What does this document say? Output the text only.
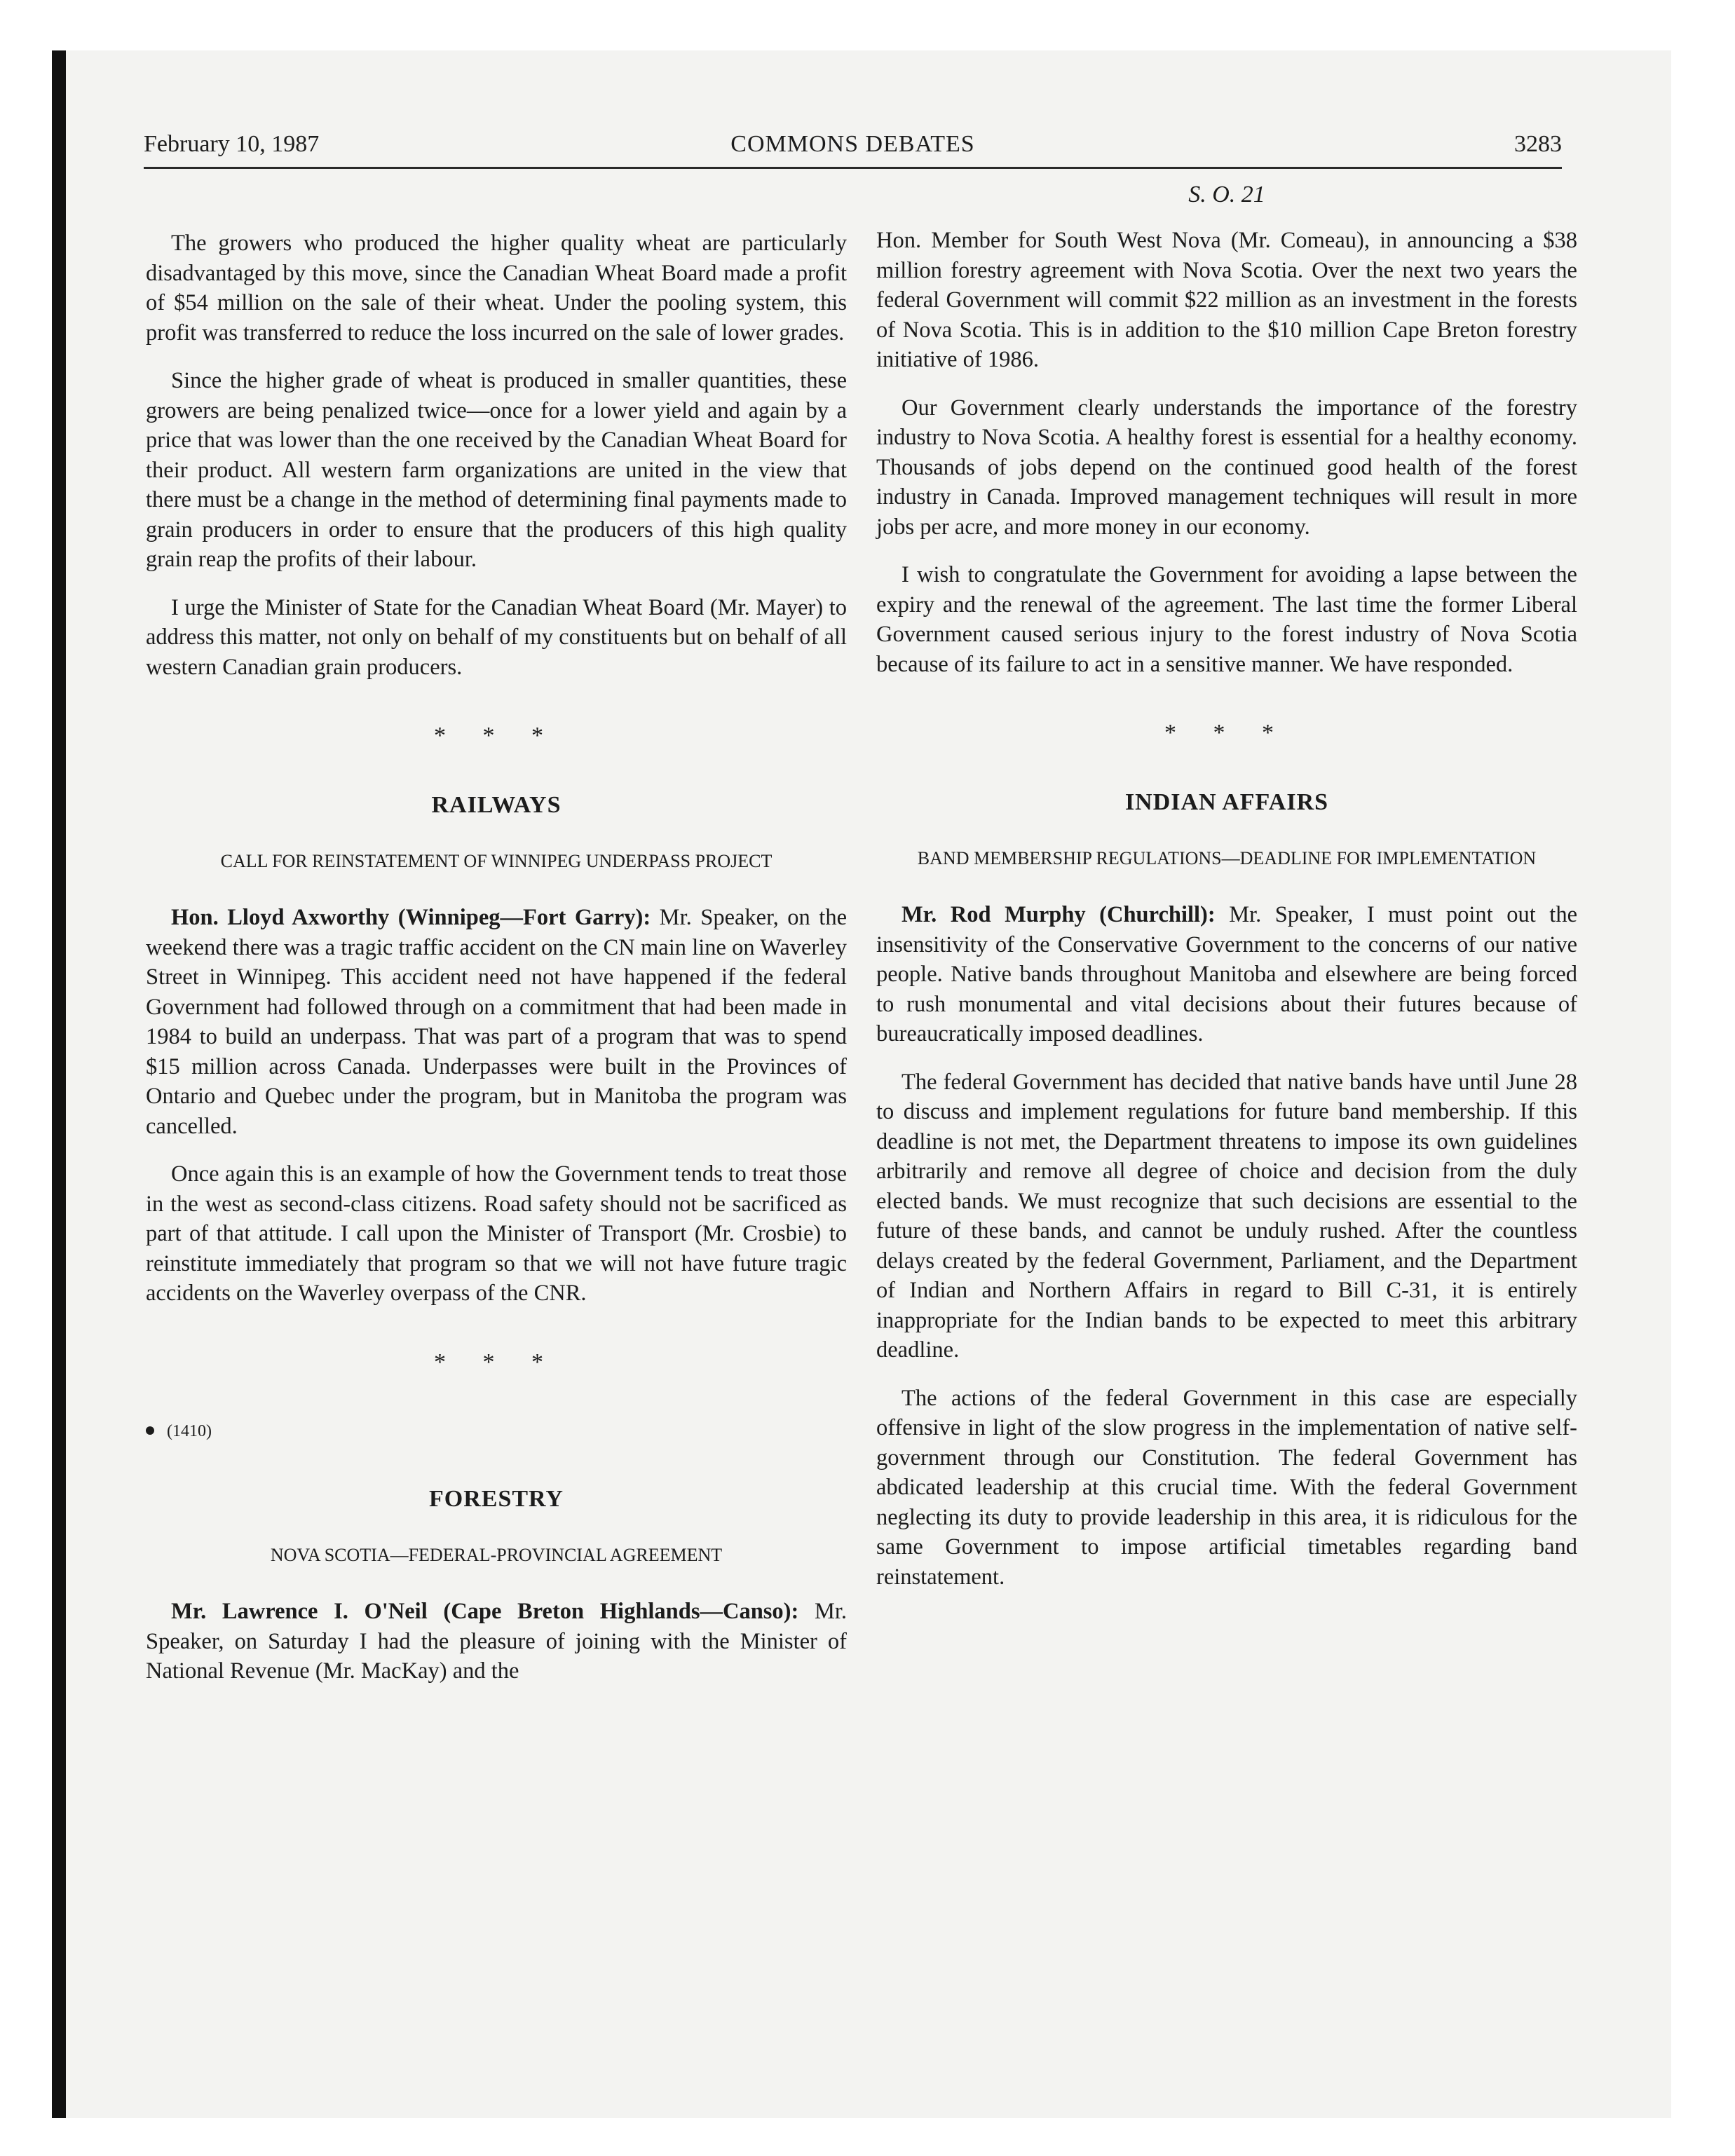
February 10, 1987	COMMONS DEBATES	3283
S. O. 21

The growers who produced the higher quality wheat are particularly disadvantaged by this move, since the Canadian Wheat Board made a profit of $54 million on the sale of their wheat. Under the pooling system, this profit was transferred to reduce the loss incurred on the sale of lower grades.

Since the higher grade of wheat is produced in smaller quantities, these growers are being penalized twice—once for a lower yield and again by a price that was lower than the one received by the Canadian Wheat Board for their product. All western farm organizations are united in the view that there must be a change in the method of determining final payments made to grain producers in order to ensure that the producers of this high quality grain reap the profits of their labour.

I urge the Minister of State for the Canadian Wheat Board (Mr. Mayer) to address this matter, not only on behalf of my constituents but on behalf of all western Canadian grain producers.

* * *
RAILWAYS
CALL FOR REINSTATEMENT OF WINNIPEG UNDERPASS PROJECT

Hon. Lloyd Axworthy (Winnipeg—Fort Garry): Mr. Speaker, on the weekend there was a tragic traffic accident on the CN main line on Waverley Street in Winnipeg. This accident need not have happened if the federal Government had followed through on a commitment that had been made in 1984 to build an underpass. That was part of a program that was to spend $15 million across Canada. Underpasses were built in the Provinces of Ontario and Quebec under the program, but in Manitoba the program was cancelled.

Once again this is an example of how the Government tends to treat those in the west as second-class citizens. Road safety should not be sacrificed as part of that attitude. I call upon the Minister of Transport (Mr. Crosbie) to reinstitute immediately that program so that we will not have future tragic accidents on the Waverley overpass of the CNR.

* * *
(1410)
FORESTRY
NOVA SCOTIA—FEDERAL-PROVINCIAL AGREEMENT

Mr. Lawrence I. O'Neil (Cape Breton Highlands—Canso): Mr. Speaker, on Saturday I had the pleasure of joining with the Minister of National Revenue (Mr. MacKay) and the

Hon. Member for South West Nova (Mr. Comeau), in announcing a $38 million forestry agreement with Nova Scotia. Over the next two years the federal Government will commit $22 million as an investment in the forests of Nova Scotia. This is in addition to the $10 million Cape Breton forestry initiative of 1986.

Our Government clearly understands the importance of the forestry industry to Nova Scotia. A healthy forest is essential for a healthy economy. Thousands of jobs depend on the continued good health of the forest industry in Canada. Improved management techniques will result in more jobs per acre, and more money in our economy.

I wish to congratulate the Government for avoiding a lapse between the expiry and the renewal of the agreement. The last time the former Liberal Government caused serious injury to the forest industry of Nova Scotia because of its failure to act in a sensitive manner. We have responded.

* * *
INDIAN AFFAIRS
BAND MEMBERSHIP REGULATIONS—DEADLINE FOR IMPLEMENTATION

Mr. Rod Murphy (Churchill): Mr. Speaker, I must point out the insensitivity of the Conservative Government to the concerns of our native people. Native bands throughout Manitoba and elsewhere are being forced to rush monumental and vital decisions about their futures because of bureaucratically imposed deadlines.

The federal Government has decided that native bands have until June 28 to discuss and implement regulations for future band membership. If this deadline is not met, the Department threatens to impose its own guidelines arbitrarily and remove all degree of choice and decision from the duly elected bands. We must recognize that such decisions are essential to the future of these bands, and cannot be unduly rushed. After the countless delays created by the federal Government, Parliament, and the Department of Indian and Northern Affairs in regard to Bill C-31, it is entirely inappropriate for the Indian bands to be expected to meet this arbitrary deadline.

The actions of the federal Government in this case are especially offensive in light of the slow progress in the implementation of native self-government through our Constitution. The federal Government has abdicated leadership at this crucial time. With the federal Government neglecting its duty to provide leadership in this area, it is ridiculous for the same Government to impose artificial timetables regarding band reinstatement.
